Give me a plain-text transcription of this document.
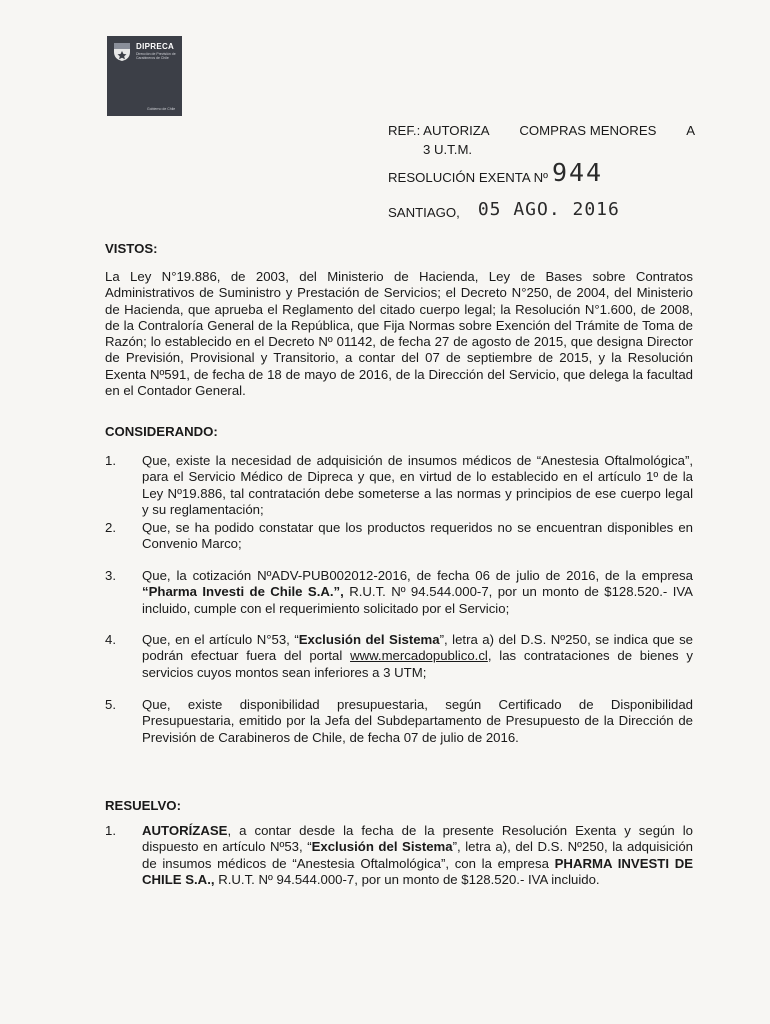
DIPRECA
Dirección de Previsión de Carabineros de Chile
Gobierno de Chile
REF.: AUTORIZA COMPRAS MENORES A
3 U.T.M.
RESOLUCIÓN EXENTA Nº 944
SANTIAGO, 05 AGO. 2016
VISTOS:
La Ley N°19.886, de 2003, del Ministerio de Hacienda, Ley de Bases sobre Contratos Administrativos de Suministro y Prestación de Servicios; el Decreto N°250, de 2004, del Ministerio de Hacienda, que aprueba el Reglamento del citado cuerpo legal; la Resolución N°1.600, de 2008, de la Contraloría General de la República, que Fija Normas sobre Exención del Trámite de Toma de Razón; lo establecido en el Decreto Nº 01142, de fecha 27 de agosto de 2015, que designa Director de Previsión, Provisional y Transitorio, a contar del 07 de septiembre de 2015, y la Resolución Exenta Nº591, de fecha de 18 de mayo de 2016, de la Dirección del Servicio, que delega la facultad en el Contador General.
CONSIDERANDO:
1. Que, existe la necesidad de adquisición de insumos médicos de “Anestesia Oftalmológica”, para el Servicio Médico de Dipreca y que, en virtud de lo establecido en el artículo 1º de la Ley Nº19.886, tal contratación debe someterse a las normas y principios de ese cuerpo legal y su reglamentación;
2. Que, se ha podido constatar que los productos requeridos no se encuentran disponibles en Convenio Marco;
3. Que, la cotización NºADV-PUB002012-2016, de fecha 06 de julio de 2016, de la empresa “Pharma Investi de Chile S.A.”, R.U.T. Nº 94.544.000-7, por un monto de $128.520.- IVA incluido, cumple con el requerimiento solicitado por el Servicio;
4. Que, en el artículo N°53, “Exclusión del Sistema”, letra a) del D.S. Nº250, se indica que se podrán efectuar fuera del portal www.mercadopublico.cl, las contrataciones de bienes y servicios cuyos montos sean inferiores a 3 UTM;
5. Que, existe disponibilidad presupuestaria, según Certificado de Disponibilidad Presupuestaria, emitido por la Jefa del Subdepartamento de Presupuesto de la Dirección de Previsión de Carabineros de Chile, de fecha 07 de julio de 2016.
RESUELVO:
1. AUTORÍZASE, a contar desde la fecha de la presente Resolución Exenta y según lo dispuesto en artículo Nº53, “Exclusión del Sistema”, letra a), del D.S. Nº250, la adquisición de insumos médicos de “Anestesia Oftalmológica”, con la empresa PHARMA INVESTI DE CHILE S.A., R.U.T. Nº 94.544.000-7, por un monto de $128.520.- IVA incluido.
